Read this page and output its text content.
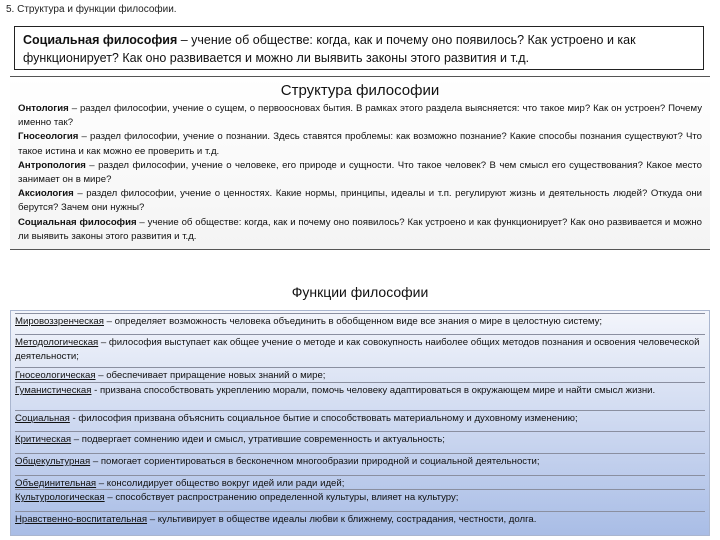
5. Структура и функции философии.
Социальная философия – учение об обществе: когда, как и почему оно появилось? Как устроено и как функционирует? Как оно развивается и можно ли выявить законы этого развития и т.д.
Структура философии

Онтология – раздел философии, учение о сущем, о первоосновах бытия. В рамках этого раздела выясняется: что такое мир? Как он устроен? Почему именно так?

Гносеология – раздел философии, учение о познании. Здесь ставятся проблемы: как возможно познание? Какие способы познания существуют? Что такое истина и как можно ее проверить и т.д.

Антропология – раздел философии, учение о человеке, его природе и сущности. Что такое человек? В чем смысл его существования? Какое место занимает он в мире?

Аксиология – раздел философии, учение о ценностях. Какие нормы, принципы, идеалы и т.п. регулируют жизнь и деятельность людей? Откуда они берутся? Зачем они нужны?

Социальная философия – учение об обществе: когда, как и почему оно появилось? Как устроено и как функционирует? Как оно развивается и можно ли выявить законы этого развития и т.д.

Функции философии
Мировоззренческая – определяет возможность человека объединить в обобщенном виде все знания о мире в целостную систему;
Методологическая – философия выступает как общее учение о методе и как совокупность наиболее общих методов познания и освоения человеческой деятельности;
Гносеологическая – обеспечивает приращение новых знаний о мире;
Гуманистическая - призвана способствовать укреплению морали, помочь человеку адаптироваться в окружающем мире и найти смысл жизни.
Социальная - философия призвана объяснить социальное бытие и способствовать материальному и духовному изменению;
Критическая – подвергает сомнению идеи и смысл, утратившие современность и актуальность;
Общекультурная – помогает сориентироваться в бесконечном многообразии природной и социальной деятельности;
Объединительная – консолидирует общество вокруг идей или ради идей;
Культурологическая – способствует распространению определенной культуры, влияет на культуру;
Нравственно-воспитательная – культивирует в обществе идеалы любви к ближнему, сострадания, честности, долга.
